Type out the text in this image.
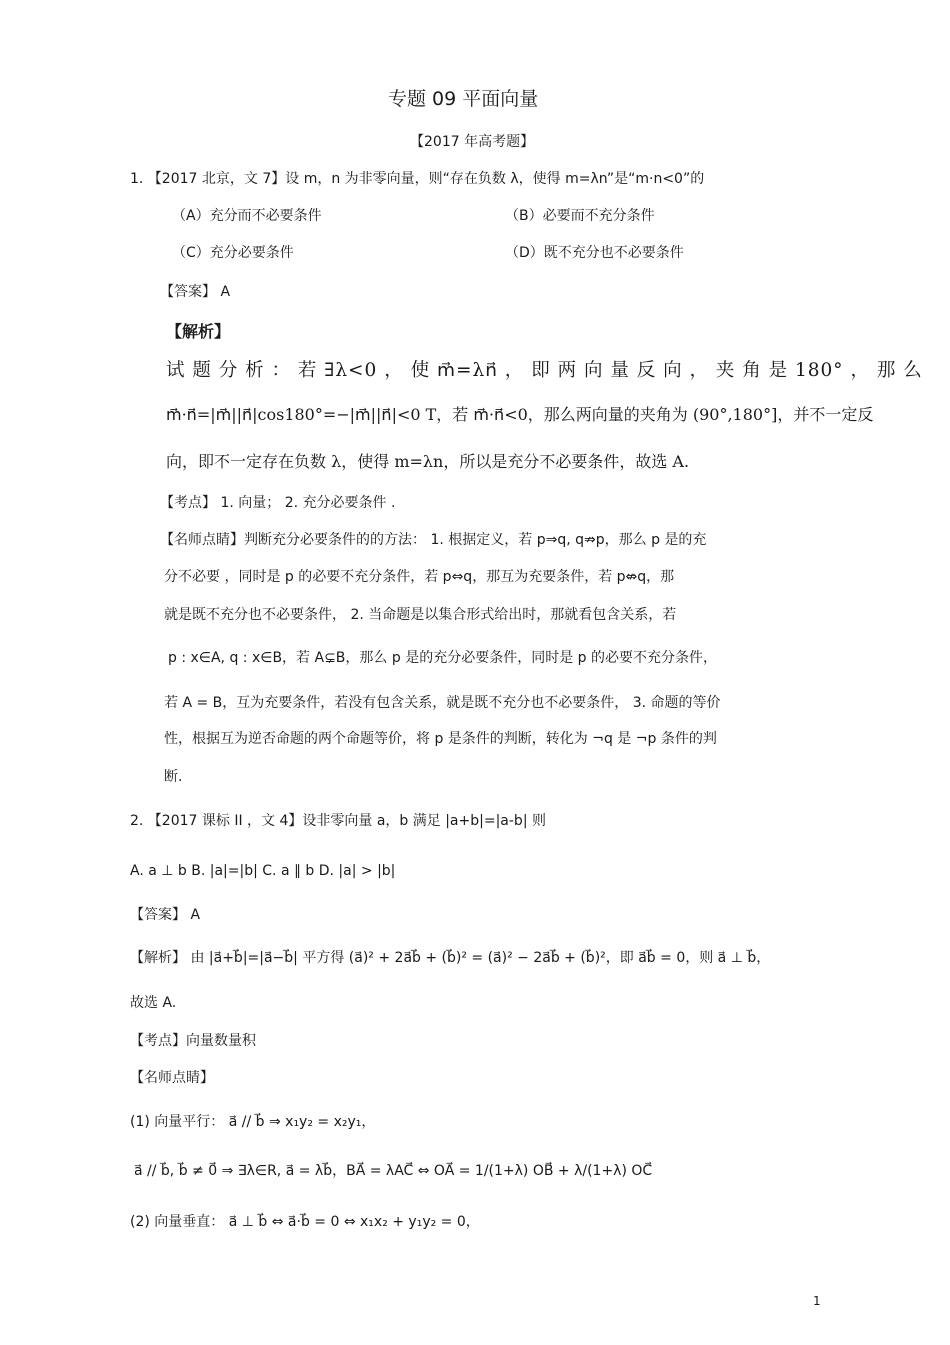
专题 09 平面向量
【2017 年高考题】
1. 【2017 北京，文 7】设 m，n 为非零向量，则“存在负数 λ，使得 m=λn”是“m·n<0”的
（A）充分而不必要条件	（B）必要而不充分条件
（C）充分必要条件	（D）既不充分也不必要条件
【答案】 A
【解析】
试 题 分 析 ： 若 ∃λ<0 ， 使 m⃗=λn⃗ ， 即 两 向 量 反 向 ， 夹 角 是 180° ， 那 么
m⃗·n⃗=|m⃗||n⃗|cos180°=−|m⃗||n⃗|<0 T，若 m⃗·n⃗<0，那么两向量的夹角为 (90°,180°]，并不一定反
向，即不一定存在负数 λ，使得 m=λn，所以是充分不必要条件，故选 A.
【考点】 1. 向量； 2. 充分必要条件 .
【名师点睛】判断充分必要条件的的方法： 1. 根据定义，若 p⇒q, q⇏p，那么 p 是的充
分不必要 ，同时是 p 的必要不充分条件，若 p⇔q，那互为充要条件，若 p⇎q，那
就是既不充分也不必要条件， 2. 当命题是以集合形式给出时，那就看包含关系，若
p : x∈A, q : x∈B，若 A⊊B，那么 p 是的充分必要条件，同时是 p 的必要不充分条件，
若 A = B，互为充要条件，若没有包含关系，就是既不充分也不必要条件， 3. 命题的等价
性，根据互为逆否命题的两个命题等价，将 p 是条件的判断，转化为 ¬q 是 ¬p 条件的判
断.
2. 【2017 课标 II ，文 4】设非零向量 a，b 满足 |a+b|=|a-b| 则
A. a ⊥ b B. |a|=|b| C. a ∥ b D. |a| > |b|
【答案】 A
【解析】 由 |a⃗+b⃗|=|a⃗−b⃗| 平方得 (a⃗)² + 2a⃗b⃗ + (b⃗)² = (a⃗)² − 2a⃗b⃗ + (b⃗)²，即 a⃗b⃗ = 0，则 a⃗ ⊥ b⃗，
故选 A.
【考点】向量数量积
【名师点睛】
(1) 向量平行： a⃗ // b⃗ ⇒ x₁y₂ = x₂y₁，
a⃗ // b⃗, b⃗ ≠ 0⃗ ⇒ ∃λ∈R, a⃗ = λb⃗，BA⃗ = λAC⃗ ⇔ OA⃗ = 1/(1+λ) OB⃗ + λ/(1+λ) OC⃗
(2) 向量垂直： a⃗ ⊥ b⃗ ⇔ a⃗·b⃗ = 0 ⇔ x₁x₂ + y₁y₂ = 0，
1
